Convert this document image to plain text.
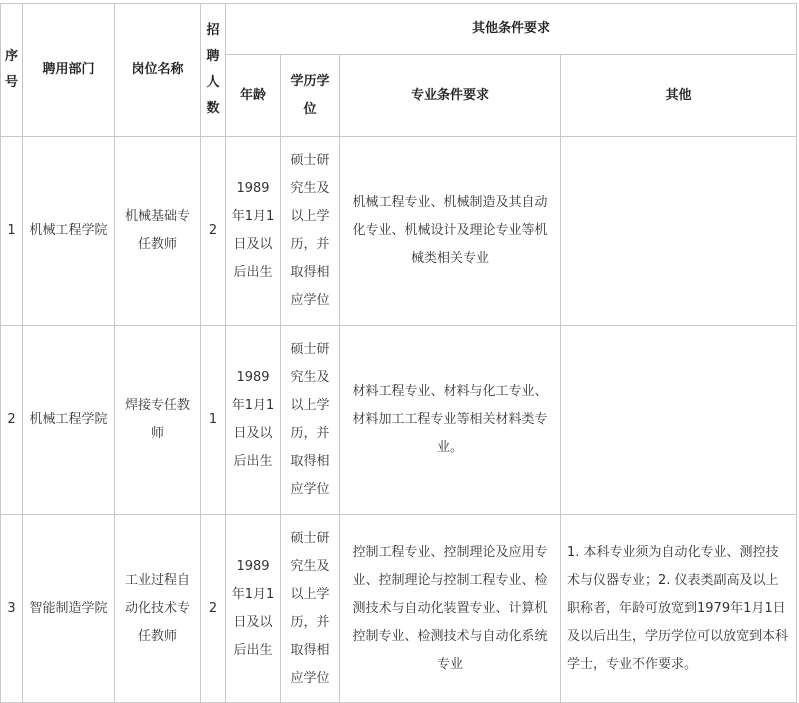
序号	聘用部门	岗位名称	招聘人数	其他条件要求			
				年龄	学历学位	专业条件要求	其他
1	机械工程学院	机械基础专任教师	2	1989年1月1日及以后出生	硕士研究生及以上学历，并取得相应学位	机械工程专业、机械制造及其自动化专业、机械设计及理论专业等机械类相关专业	
2	机械工程学院	焊接专任教师	1	1989年1月1日及以后出生	硕士研究生及以上学历，并取得相应学位	材料工程专业、材料与化工专业、材料加工工程专业等相关材料类专业。	
3	智能制造学院	工业过程自动化技术专任教师	2	1989年1月1日及以后出生	硕士研究生及以上学历，并取得相应学位	控制工程专业、控制理论及应用专业、控制理论与控制工程专业、检测技术与自动化装置专业、计算机控制专业、检测技术与自动化系统专业	1. 本科专业须为自动化专业、测控技术与仪器专业；2. 仪表类副高及以上职称者，年龄可放宽到1979年1月1日及以后出生，学历学位可以放宽到本科学士，专业不作要求。
